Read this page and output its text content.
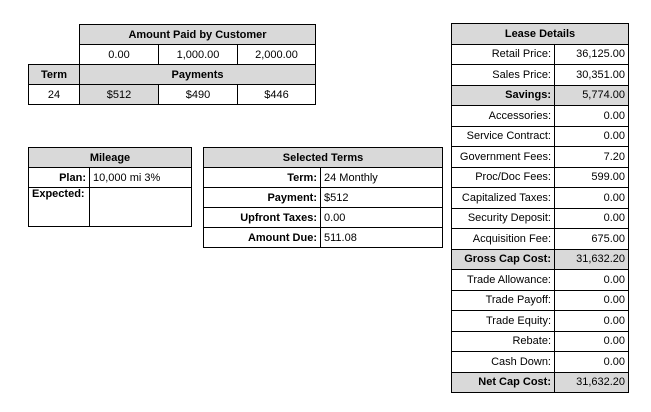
	Amount Paid by Customer		
	0.00	1,000.00	2,000.00
Term	Payments		
24	$512	$490	$446
Mileage	
Plan:	10,000 mi 3%
Expected:	
Selected Terms	
Term:	24 Monthly
Payment:	$512
Upfront Taxes:	0.00
Amount Due:	511.08
Lease Details	
Retail Price:	36,125.00
Sales Price:	30,351.00
Savings:	5,774.00
Accessories:	0.00
Service Contract:	0.00
Government Fees:	7.20
Proc/Doc Fees:	599.00
Capitalized Taxes:	0.00
Security Deposit:	0.00
Acquisition Fee:	675.00
Gross Cap Cost:	31,632.20
Trade Allowance:	0.00
Trade Payoff:	0.00
Trade Equity:	0.00
Rebate:	0.00
Cash Down:	0.00
Net Cap Cost:	31,632.20
